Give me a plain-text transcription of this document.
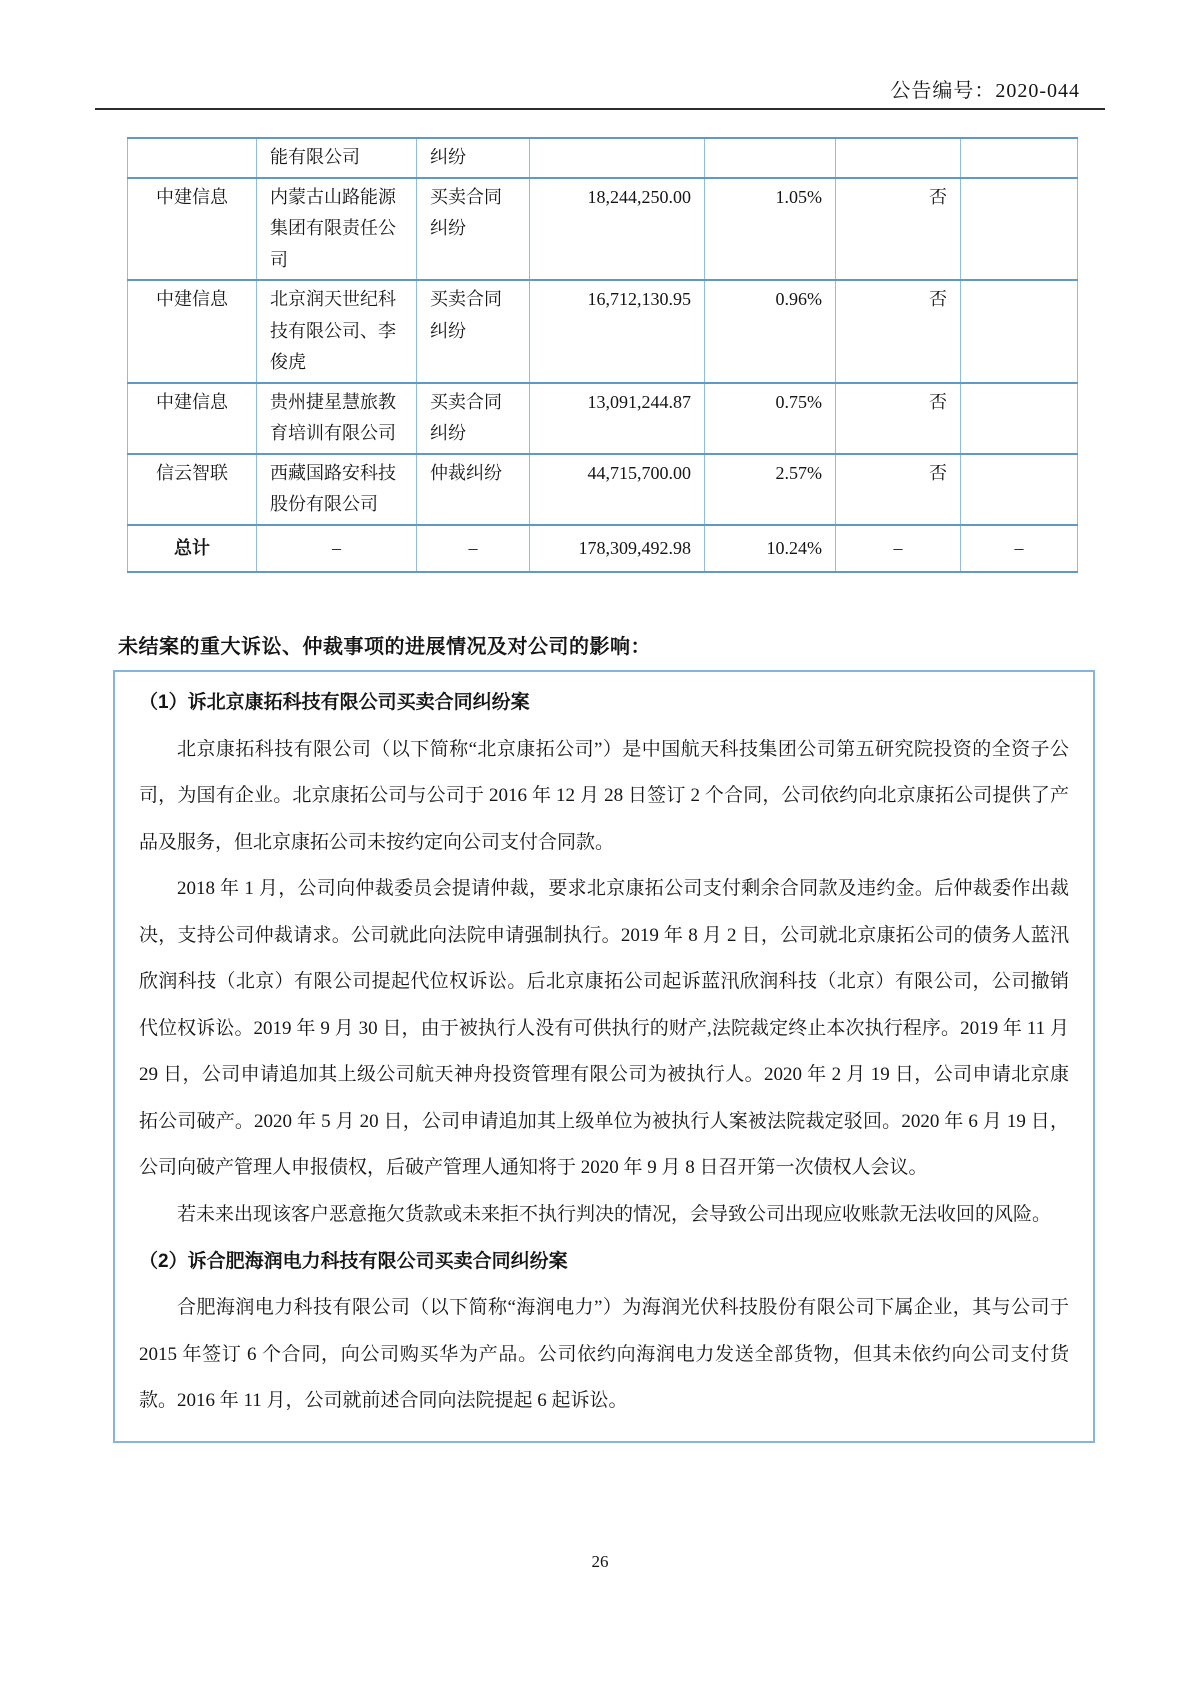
公告编号：2020-044
	能有限公司	纠纷				
中建信息	内蒙古山路能源集团有限责任公司	买卖合同纠纷	18,244,250.00	1.05%	否	
中建信息	北京润天世纪科技有限公司、李俊虎	买卖合同纠纷	16,712,130.95	0.96%	否	
中建信息	贵州捷星慧旅教育培训有限公司	买卖合同纠纷	13,091,244.87	0.75%	否	
信云智联	西藏国路安科技股份有限公司	仲裁纠纷	44,715,700.00	2.57%	否	
总计	–	–	178,309,492.98	10.24%	–	–
未结案的重大诉讼、仲裁事项的进展情况及对公司的影响：

（1）诉北京康拓科技有限公司买卖合同纠纷案

北京康拓科技有限公司（以下简称“北京康拓公司”）是中国航天科技集团公司第五研究院投资的全资子公司，为国有企业。北京康拓公司与公司于 2016 年 12 月 28 日签订 2 个合同，公司依约向北京康拓公司提供了产品及服务，但北京康拓公司未按约定向公司支付合同款。

2018 年 1 月，公司向仲裁委员会提请仲裁，要求北京康拓公司支付剩余合同款及违约金。后仲裁委作出裁决，支持公司仲裁请求。公司就此向法院申请强制执行。2019 年 8 月 2 日，公司就北京康拓公司的债务人蓝汛欣润科技（北京）有限公司提起代位权诉讼。后北京康拓公司起诉蓝汛欣润科技（北京）有限公司，公司撤销代位权诉讼。2019 年 9 月 30 日，由于被执行人没有可供执行的财产,法院裁定终止本次执行程序。2019 年 11 月 29 日，公司申请追加其上级公司航天神舟投资管理有限公司为被执行人。2020 年 2 月 19 日，公司申请北京康拓公司破产。2020 年 5 月 20 日，公司申请追加其上级单位为被执行人案被法院裁定驳回。2020 年 6 月 19 日，公司向破产管理人申报债权，后破产管理人通知将于 2020 年 9 月 8 日召开第一次债权人会议。

若未来出现该客户恶意拖欠货款或未来拒不执行判决的情况，会导致公司出现应收账款无法收回的风险。

（2）诉合肥海润电力科技有限公司买卖合同纠纷案

合肥海润电力科技有限公司（以下简称“海润电力”）为海润光伏科技股份有限公司下属企业，其与公司于 2015 年签订 6 个合同，向公司购买华为产品。公司依约向海润电力发送全部货物，但其未依约向公司支付货款。2016 年 11 月，公司就前述合同向法院提起 6 起诉讼。

26
